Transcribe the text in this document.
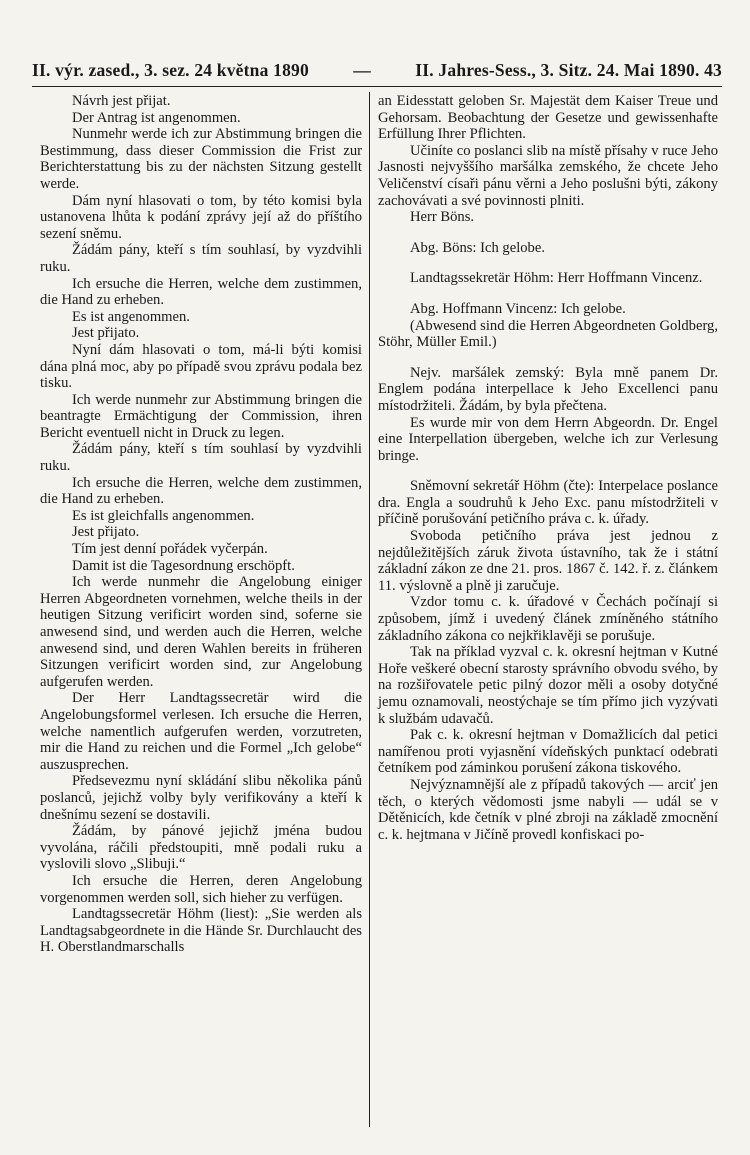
II. výr. zased., 3. sez. 24 května 1890	—	II. Jahres-Sess., 3. Sitz. 24. Mai 1890. 43

Návrh jest přijat.

Der Antrag ist angenommen.

Nunmehr werde ich zur Abstimmung bringen die Bestimmung, dass dieser Commission die Frist zur Berichterstattung bis zu der nächsten Sitzung gestellt werde.

Dám nyní hlasovati o tom, by této komisi byla ustanovena lhůta k podání zprávy její až do příštího sezení sněmu.

Žádám pány, kteří s tím souhlasí, by vyzdvihli ruku.

Ich ersuche die Herren, welche dem zustimmen, die Hand zu erheben.

Es ist angenommen.

Jest přijato.

Nyní dám hlasovati o tom, má-li býti komisi dána plná moc, aby po případě svou zprávu podala bez tisku.

Ich werde nunmehr zur Abstimmung bringen die beantragte Ermächtigung der Commission, ihren Bericht eventuell nicht in Druck zu legen.

Žádám pány, kteří s tím souhlasí by vyzdvihli ruku.

Ich ersuche die Herren, welche dem zustimmen, die Hand zu erheben.

Es ist gleichfalls angenommen.

Jest přijato.

Tím jest denní pořádek vyčerpán.

Damit ist die Tagesordnung erschöpft.

Ich werde nunmehr die Angelobung einiger Herren Abgeordneten vornehmen, welche theils in der heutigen Sitzung verificirt worden sind, soferne sie anwesend sind, und werden auch die Herren, welche anwesend sind, und deren Wahlen bereits in früheren Sitzungen verificirt worden sind, zur Angelobung aufgerufen werden.

Der Herr Landtagssecretär wird die Angelobungsformel verlesen. Ich ersuche die Herren, welche namentlich aufgerufen werden, vorzutreten, mir die Hand zu reichen und die Formel „Ich gelobe“ auszusprechen.

Předsevezmu nyní skládání slibu několika pánů poslanců, jejichž volby byly verifikovány a kteří k dnešnímu sezení se dostavili.

Žádám, by pánové jejichž jména budou vyvolána, ráčili předstoupiti, mně podali ruku a vyslovili slovo „Slibuji.“

Ich ersuche die Herren, deren Angelobung vorgenommen werden soll, sich hieher zu verfügen.

Landtagssecretär Höhm (liest): „Sie werden als Landtagsabgeordnete in die Hände Sr. Durchlaucht des H. Oberstlandmarschalls

an Eidesstatt geloben Sr. Majestät dem Kaiser Treue und Gehorsam. Beobachtung der Gesetze und gewissenhafte Erfüllung Ihrer Pflichten.

Učiníte co poslanci slib na místě přísahy v ruce Jeho Jasnosti nejvyššího maršálka zemského, že chcete Jeho Veličenství císaři pánu věrni a Jeho poslušni býti, zákony zachovávati a své povinnosti plniti.

Herr Böns.

Abg. Böns: Ich gelobe.

Landtagssekretär Höhm: Herr Hoffmann Vincenz.

Abg. Hoffmann Vincenz: Ich gelobe.

(Abwesend sind die Herren Abgeordneten Goldberg, Stöhr, Müller Emil.)

Nejv. maršálek zemský: Byla mně panem Dr. Englem podána interpellace k Jeho Excellenci panu místodržiteli. Žádám, by byla přečtena.

Es wurde mir von dem Herrn Abgeordn. Dr. Engel eine Interpellation übergeben, welche ich zur Verlesung bringe.

Sněmovní sekretář Höhm (čte): Interpelace poslance dra. Engla a soudruhů k Jeho Exc. panu místodržiteli v příčině porušování petičního práva c. k. úřady.

Svoboda petičního práva jest jednou z nejdůležitějších záruk života ústavního, tak že i státní základní zákon ze dne 21. pros. 1867 č. 142. ř. z. článkem 11. výslovně a plně ji zaručuje.

Vzdor tomu c. k. úřadové v Čechách počínají si způsobem, jímž i uvedený článek zmíněného státního základního zákona co nejkřiklavěji se porušuje.

Tak na příklad vyzval c. k. okresní hejtman v Kutné Hoře veškeré obecní starosty správního obvodu svého, by na rozšiřovatele petic pilný dozor měli a osoby dotyčné jemu oznamovali, neostýchaje se tím přímo jich vyzývati k službám udavačů.

Pak c. k. okresní hejtman v Domažlicích dal petici namířenou proti vyjasnění vídeňských punktací odebrati četníkem pod záminkou porušení zákona tiskového.

Nejvýznamnější ale z případů takových — arciť jen těch, o kterých vědomosti jsme nabyli — udál se v Dětěnicích, kde četník v plné zbroji na základě zmocnění c. k. hejtmana v Jičíně provedl konfiskaci po-
